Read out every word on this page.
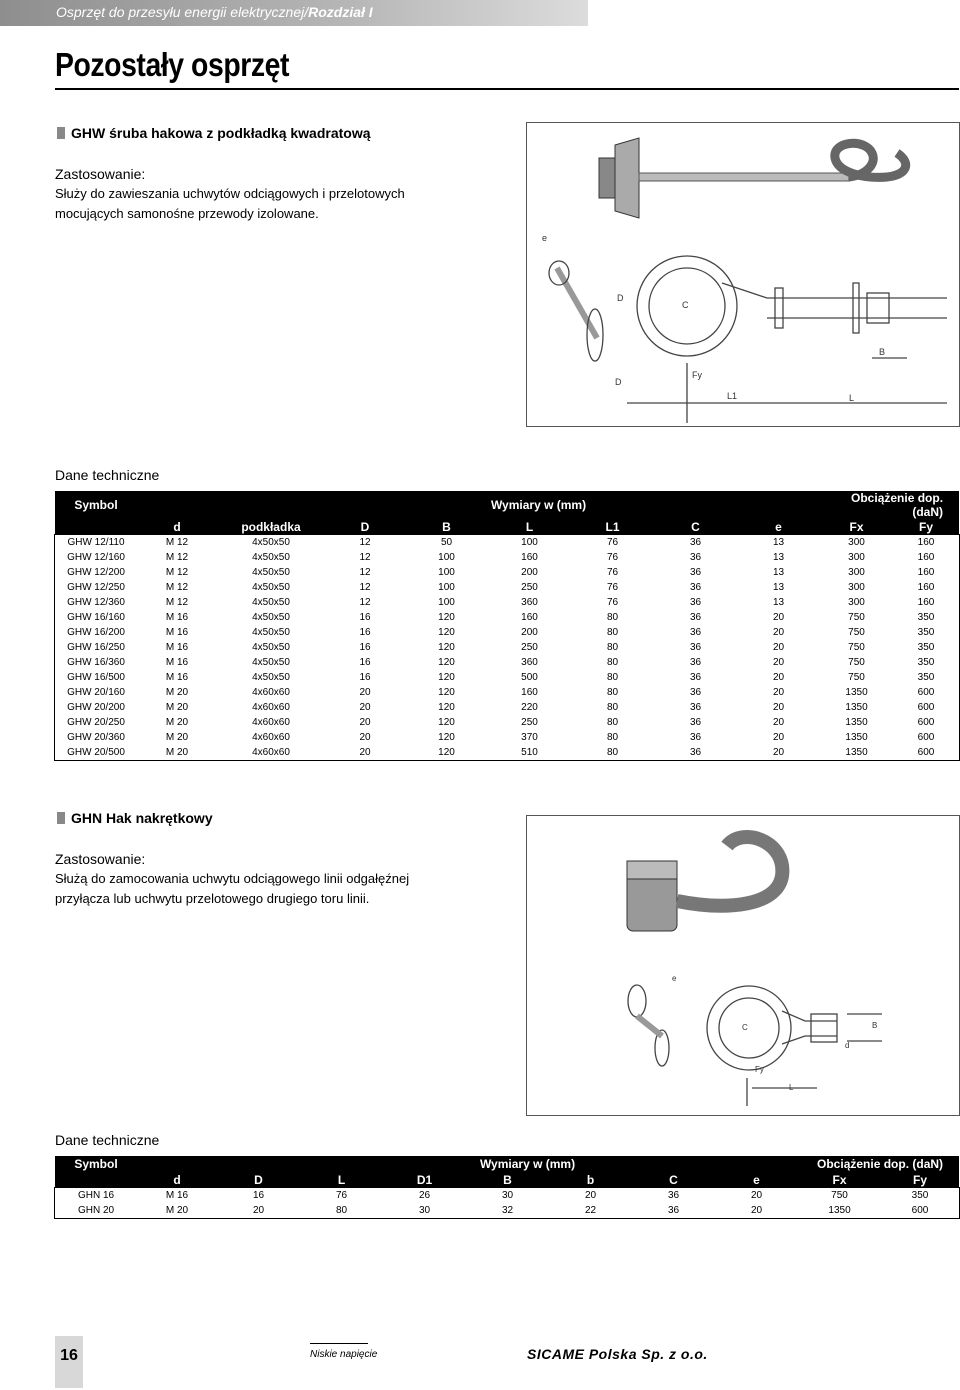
Osprzęt do przesyłu energii elektrycznej/Rozdział I
Pozostały osprzęt
GHW śruba hakowa z podkładką kwadratową
Zastosowanie:
Służy do zawieszania uchwytów odciągowych i przelotowych mocujących samonośne przewody izolowane.
e
D
C
Fy
D
L1	L
B
Dane techniczne
Symbol	Wymiary w (mm)								Obciążenie dop. (daN)	
	d	podkładka	D	B	L	L1	C	e	Fx	Fy
GHW 12/110	M 12	4x50x50	12	50	100	76	36	13	300	160
GHW 12/160	M 12	4x50x50	12	100	160	76	36	13	300	160
GHW 12/200	M 12	4x50x50	12	100	200	76	36	13	300	160
GHW 12/250	M 12	4x50x50	12	100	250	76	36	13	300	160
GHW 12/360	M 12	4x50x50	12	100	360	76	36	13	300	160
GHW 16/160	M 16	4x50x50	16	120	160	80	36	20	750	350
GHW 16/200	M 16	4x50x50	16	120	200	80	36	20	750	350
GHW 16/250	M 16	4x50x50	16	120	250	80	36	20	750	350
GHW 16/360	M 16	4x50x50	16	120	360	80	36	20	750	350
GHW 16/500	M 16	4x50x50	16	120	500	80	36	20	750	350
GHW 20/160	M 20	4x60x60	20	120	160	80	36	20	1350	600
GHW 20/200	M 20	4x60x60	20	120	220	80	36	20	1350	600
GHW 20/250	M 20	4x60x60	20	120	250	80	36	20	1350	600
GHW 20/360	M 20	4x60x60	20	120	370	80	36	20	1350	600
GHW 20/500	M 20	4x60x60	20	120	510	80	36	20	1350	600
GHN Hak nakrętkowy
Zastosowanie:
Służą do zamocowania uchwytu odciągowego linii odgałęźnej przyłącza lub uchwytu przelotowego drugiego toru linii.
e
C
Fy
L
d
B
Dane techniczne
Symbol	Wymiary w (mm)								Obciążenie dop. (daN)	
	d	D	L	D1	B	b	C	e	Fx	Fy
GHN 16	M 16	16	76	26	30	20	36	20	750	350
GHN 20	M 20	20	80	30	32	22	36	20	1350	600
16	Niskie napięcie	SICAME Polska Sp. z o.o.
